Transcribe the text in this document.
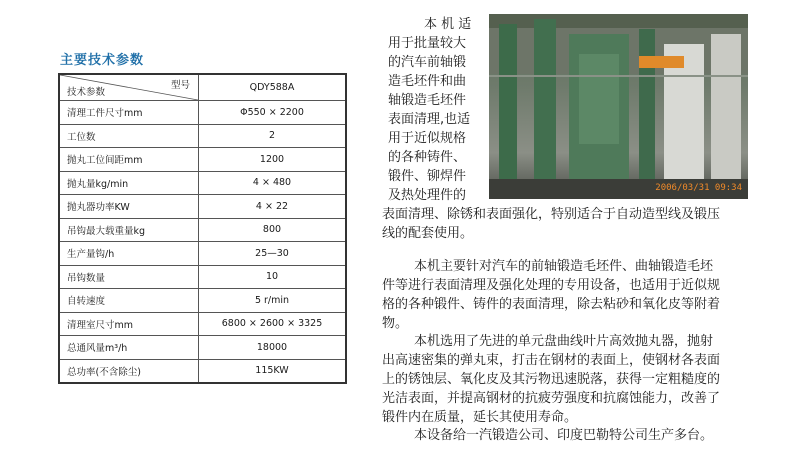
主要技术参数
型号
技术参数	QDY588A
清理工件尺寸mm	Φ550 × 2200
工位数	2
抛丸工位间距mm	1200
抛丸量kg/min	4 × 480
抛丸器功率KW	4 × 22
吊钩最大载重量kg	800
生产量钩/h	25—30
吊钩数量	10
自转速度	5 r/min
清理室尺寸mm	6800 × 2600 × 3325
总通风量m³/h	18000
总功率(不含除尘)	115KW
2006/03/31 09:34
本 机 适
用于批量较大
的汽车前轴锻
造毛坯件和曲
轴锻造毛坯件
表面清理,也适
用于近似规格
的各种铸件、
锻件、铆焊件
及热处理件的
表面清理、除锈和表面强化，特别适合于自动造型线及锻压
线的配套使用。
本机主要针对汽车的前轴锻造毛坯件、曲轴锻造毛坯
件等进行表面清理及强化处理的专用设备，也适用于近似规
格的各种锻件、铸件的表面清理，除去粘砂和氧化皮等附着
物。
本机选用了先进的单元盘曲线叶片高效抛丸器，抛射
出高速密集的弹丸束，打击在钢材的表面上，使钢材各表面
上的锈蚀层、氧化皮及其污物迅速脱落，获得一定粗糙度的
光洁表面，并提高钢材的抗疲劳强度和抗腐蚀能力，改善了
锻件内在质量，延长其使用寿命。
本设备给一汽锻造公司、印度巴勒特公司生产多台。
